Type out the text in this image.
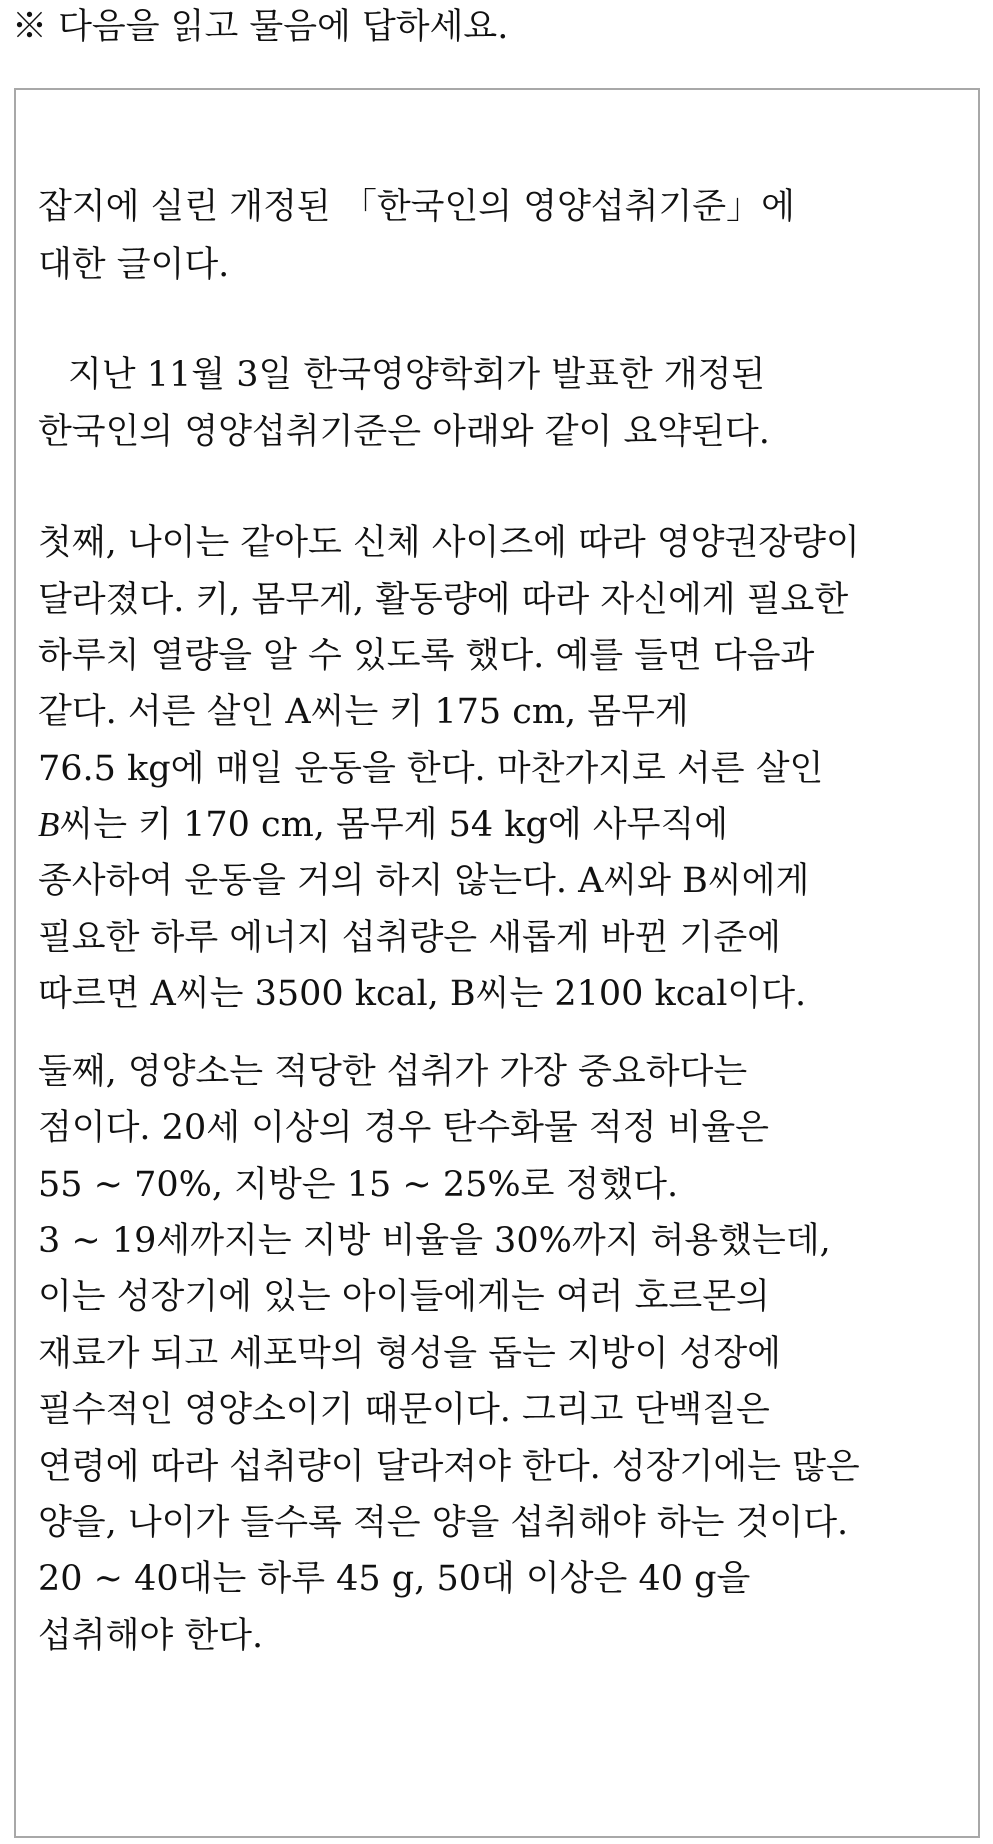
※ 다음을 읽고 물음에 답하세요.
잡지에 실린 개정된 「한국인의 영양섭취기준」에
대한 글이다.
지난 11월 3일 한국영양학회가 발표한 개정된
한국인의 영양섭취기준은 아래와 같이 요약된다.
첫째, 나이는 같아도 신체 사이즈에 따라 영양권장량이
달라졌다. 키, 몸무게, 활동량에 따라 자신에게 필요한
하루치 열량을 알 수 있도록 했다. 예를 들면 다음과
같다. 서른 살인 A씨는 키 175 cm, 몸무게
76.5 kg에 매일 운동을 한다. 마찬가지로 서른 살인
B씨는 키 170 cm, 몸무게 54 kg에 사무직에
종사하여 운동을 거의 하지 않는다. A씨와 B씨에게
필요한 하루 에너지 섭취량은 새롭게 바뀐 기준에
따르면 A씨는 3500 kcal, B씨는 2100 kcal이다.
둘째, 영양소는 적당한 섭취가 가장 중요하다는
점이다. 20세 이상의 경우 탄수화물 적정 비율은
55 ~ 70%, 지방은 15 ~ 25%로 정했다.
3 ~ 19세까지는 지방 비율을 30%까지 허용했는데,
이는 성장기에 있는 아이들에게는 여러 호르몬의
재료가 되고 세포막의 형성을 돕는 지방이 성장에
필수적인 영양소이기 때문이다. 그리고 단백질은
연령에 따라 섭취량이 달라져야 한다. 성장기에는 많은
양을, 나이가 들수록 적은 양을 섭취해야 하는 것이다.
20 ~ 40대는 하루 45 g, 50대 이상은 40 g을
섭취해야 한다.
